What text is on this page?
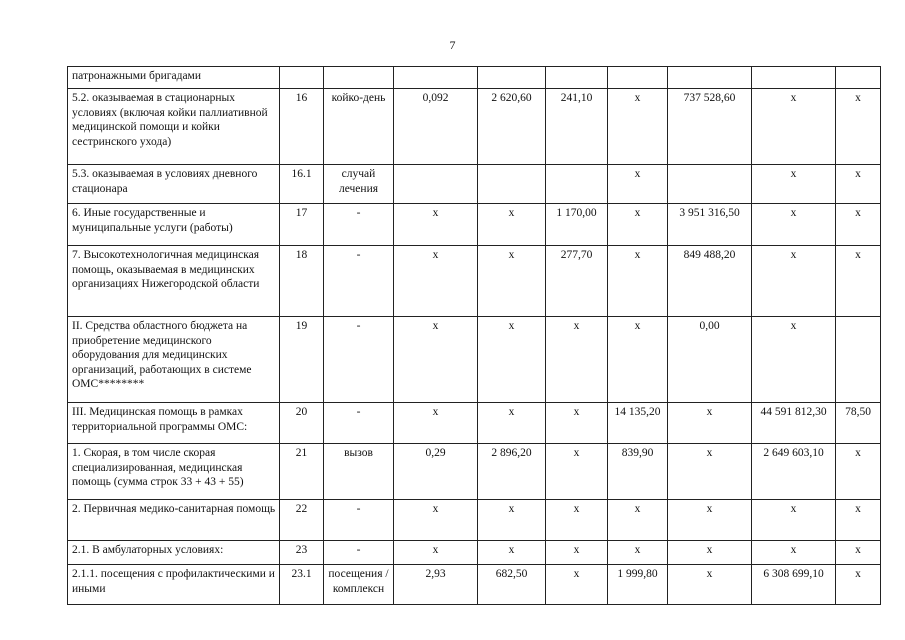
7
патронажными бригадами									
5.2. оказываемая в стационарных условиях (включая койки паллиативной медицинской помощи и койки сестринского ухода)	16	койко-день	0,092	2 620,60	241,10	x	737 528,60	x	x
5.3. оказываемая в условиях дневного стационара	16.1	случай лечения				x		x	x
6. Иные государственные и муниципальные услуги (работы)	17	-	x	x	1 170,00	x	3 951 316,50	x	x
7. Высокотехнологичная медицинская помощь, оказываемая в медицинских организациях Нижегородской области	18	-	x	x	277,70	x	849 488,20	x	x
II. Средства областного бюджета на приобретение медицинского оборудования для медицинских организаций, работающих в системе ОМС********	19	-	x	x	x	x	0,00	x	
III. Медицинская помощь в рамках территориальной программы ОМС:	20	-	x	x	x	14 135,20	x	44 591 812,30	78,50
1. Скорая, в том числе скорая специализированная, медицинская помощь (сумма строк 33 + 43 + 55)	21	вызов	0,29	2 896,20	x	839,90	x	2 649 603,10	x
2. Первичная медико-санитарная помощь	22	-	x	x	x	x	x	x	x
2.1. В амбулаторных условиях:	23	-	x	x	x	x	x	x	x
2.1.1. посещения с профилактическими и иными	23.1	посещения /комплексн	2,93	682,50	x	1 999,80	x	6 308 699,10	x
